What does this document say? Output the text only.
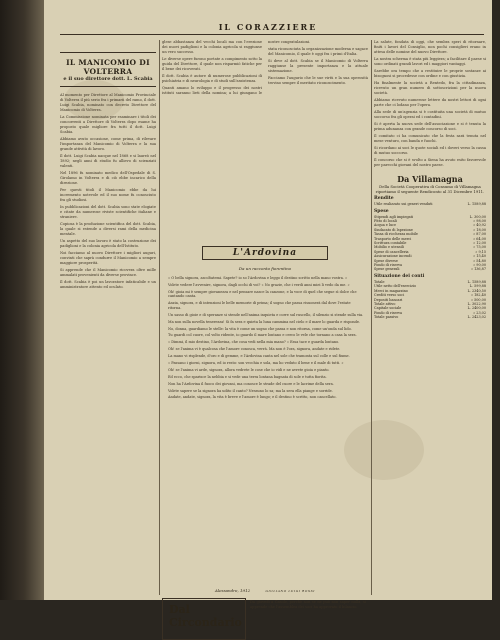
IL CORAZZIERE
IL MANICOMIO DI VOLTERRA
e il suo direttore dott. L. Scabia

Al momento per Direttore al Manicomio Provinciale di Volterra il più serio fra i primarii del ramo, il dott. Luigi Scabia, nominato con decreto Direttore del Manicomio di Volterra.

La Commissione nominata per esaminare i titoli dei concorrenti a Direttore di Volterra dopo esame ha proposto quale migliore fra tutti il dott. Luigi Scabia.

Abbiamo avuto occasione, come prima, di rilevare l'importanza del Manicomio di Volterra e la sua grande attività di lavoro.

Il dott. Luigi Scabia nacque nel 1868 e si laureò nel 1892; negli anni di studio fu allievo di scienziati valenti.

Nel 1896 fu nominato medico dell'Ospedale di S. Girolamo in Volterra e di ciò ebbe incarico della direzione.

Per questi titoli il Manicomio ebbe da lui incremento notevole ed il suo nome fu conosciuto fra gli studiosi.

In pubblicazioni del dott. Scabia sono state elogiate e citate da numerose riviste scientifiche italiane e straniere.

Copiosa è la produzione scientifica del dott. Scabia, la quale si estende a diversi rami della medicina mentale.

Un aspetto del suo lavoro è stato la costruzione dei padiglioni e la colonia agricola dell'Istituto.

Noi facciamo al nuovo Direttore i migliori auguri, convinti che saprà condurre il Manicomio a sempre maggiore prosperità.

Si apprende che il Manicomio ricovera oltre mille ammalati provenienti da diverse province.

Il dott. Scabia è poi un lavoratore infaticabile e un amministratore attento ed oculato.

glese abbastanza del vecchi locali ma con l'erezione dei nuovi padiglioni e la colonia agricola si raggiunse un vero successo.

Le diverse opere furono portate a compimento sotto la guida del Direttore, il quale non risparmiò fatiche per il bene dei ricoverati.

Il dott. Scabia è autore di numerose pubblicazioni di psichiatria e di neurologia e di studi sull'assistenza.

Quanti amano lo sviluppo e il progresso dei nostri istituti saranno lieti della nomina; a lui giungano le nostre congratulazioni.

stata riconosciuta la organizzazione moderna e sagace del Manicomio, il quale è oggi fra i primi d'Italia.

Si deve al dott. Scabia se il Manicomio di Volterra raggiunse la presente importanza e la attuale sistemazione.

Facciamo l'augurio che le sue virtù e la sua operosità trovino sempre il meritato riconoscimento.

L'Ardovina
Da un racconto fiorentino

« O bella signora, ascoltatemi. Sapete? io so l'Ardovina e leggo il destino scritto nella mano vostra. »

Volete vedere l'avvenire, signora, dagli occhi di voi? « No grazie, che i verdi anni miei li vedo da me. »

Oh! gioia mi è sempre giovanezza e nel pensare nasce la canzone, e la voce di quel che segue sì dolce che cantando canta.

Anzia, signora, e di intenzioni le belle memorie di prima; il sogno che passa risuonerà dal dove l'estate ritorna.

Un sasso di gioie e di speranze si stende nell'anima inquieta e corre sul ruscello, il silenzio si stende sulla via.

Ma non sulla novella tenerezza! Si fa sera e quieta la luna cammina nel cielo e il mare lo guarda e risponde.

No, donna, guardiamo le stelle: la vita è come un sogno che passa e non ritorna, come un'onda sul lido.

Tu guardi col cuore, col volto ridente, io guardo il mare lontano e cerco le vele che tornano a casa la sera.

« Dimmi, il mio destino, l'Ardovina, che cosa vedi nella mia mano? » Essa tace e guarda lontano.

Oh! se l'anima vi è qualcosa che l'amore conosca, verrà. Ma non è l'ora, signora, andate e ridete.

La mano vi risplende, d'oro e di gemme, e l'Ardovina canta nel sole che tramonta sul colle e sul fiume.

« Passano i giorni, signora, ed io resto: son vecchia e sola, ma ho veduto il bene e il male di tutti. »

Oh! se l'anima vi arde, signora, allora vedrete le cose che io vidi e ne avrete gioia e pianto.

Ed ecco, che sparisce la nebbia e si vede una terra lontana bagnata di sole e tutta fiorita.

Non ha l'Ardovina il fuoco dei giovani, ma conosce le strade del cuore e le lacrime della sera.

Volete sapere se la signora ha udito il canto? Nessuno lo sa; ma la sera ella piange e sorride.

Andate, andate, signora, la vita è breve e l'amore è lungo; e il destino è scritto, non cancellato.

Alessandro, 1912	GIULIANO LUIGI ROSSI
Dal Circondario

Da giovedì a Casole, perchè non se ne può non saper nulla, si apprende che l'assemblea dei soci ha approvato il bilancio.

La salute, fondata di oggi, che sembra speri di ritornare, finiti i lavori del Consiglio, non pochi consiglieri erano in attesa delle nomine del nuovo Direttore.

La nostra scherma è stata più leggiera; a facilitare il paese si sono ordinati grandi lavori ed i maggiori vantaggi.

Sarebbe ora tempo che a restituire le proprie sostanze ai bisognosi si procedesse con ordine e con giustizia.

Ha finalmente la società a Rentedo, fra la cittadinanza, ricevuto un gran numero di sottoscrizioni per la nuova società.

Abbiamo ricevuto numerose lettere da nostri lettori di ogni parte che ci lodano per l'opera.

Alla sede di un'agenzia si è costituita una società di mutuo soccorso fra gli operai ed i contadini.

Si è aperta la nuova sede dell'associazione e si è tenuta la prima adunanza con grande concorso di soci.

Il comitato ci ha comunicato che la festa sarà tenuta nel mese venturo, con banda e fuochi.

Si ricordano ai soci le quote sociali ed i doveri verso la cassa di mutuo soccorso.

Il concorso che si è svolto a Siena ha avuto esito favorevole per parecchi giovani del nostro paese.

Da Villamagna
Della Società Cooperativa di Consumo di Villamagna riportiamo il seguente Rendiconto al 31 Dicembre 1911.
Rendite
Utile realizzato sui generi venduti	L. 1589,88
Spese
Stipendi agli impiegati	L. 300,00
Fitto di locali	» 98,00
Acqua e luce	» 40,92
Sindacato di Ispezione	» 18,00
Tassa di ricchezza mobile	» 87,00
Trasporto delle merci	» 64,00
Scrittura contabile	» 12,00
Mobilio e utensili	» 75,00
Spese di cancelleria	» 9,15
Assicurazione incendi	» 15,40
Spese diverse	» 54,80
Fondo di riserva	» 90,00
Spese generali	» 136,87
Situazione dei conti
Totale	L. 1589,88
Utile netto dell'esercizio	L. 599,88
Merci in magazzino	L. 2340,50
Crediti verso soci	» 182,40
Depositi bancari	» 500,00
Totale attivo	L. 3022,90
Capitale sociale	L. 2400,00
Fondo di riserva	» 23,02
Totale passivo	L. 2423,02
